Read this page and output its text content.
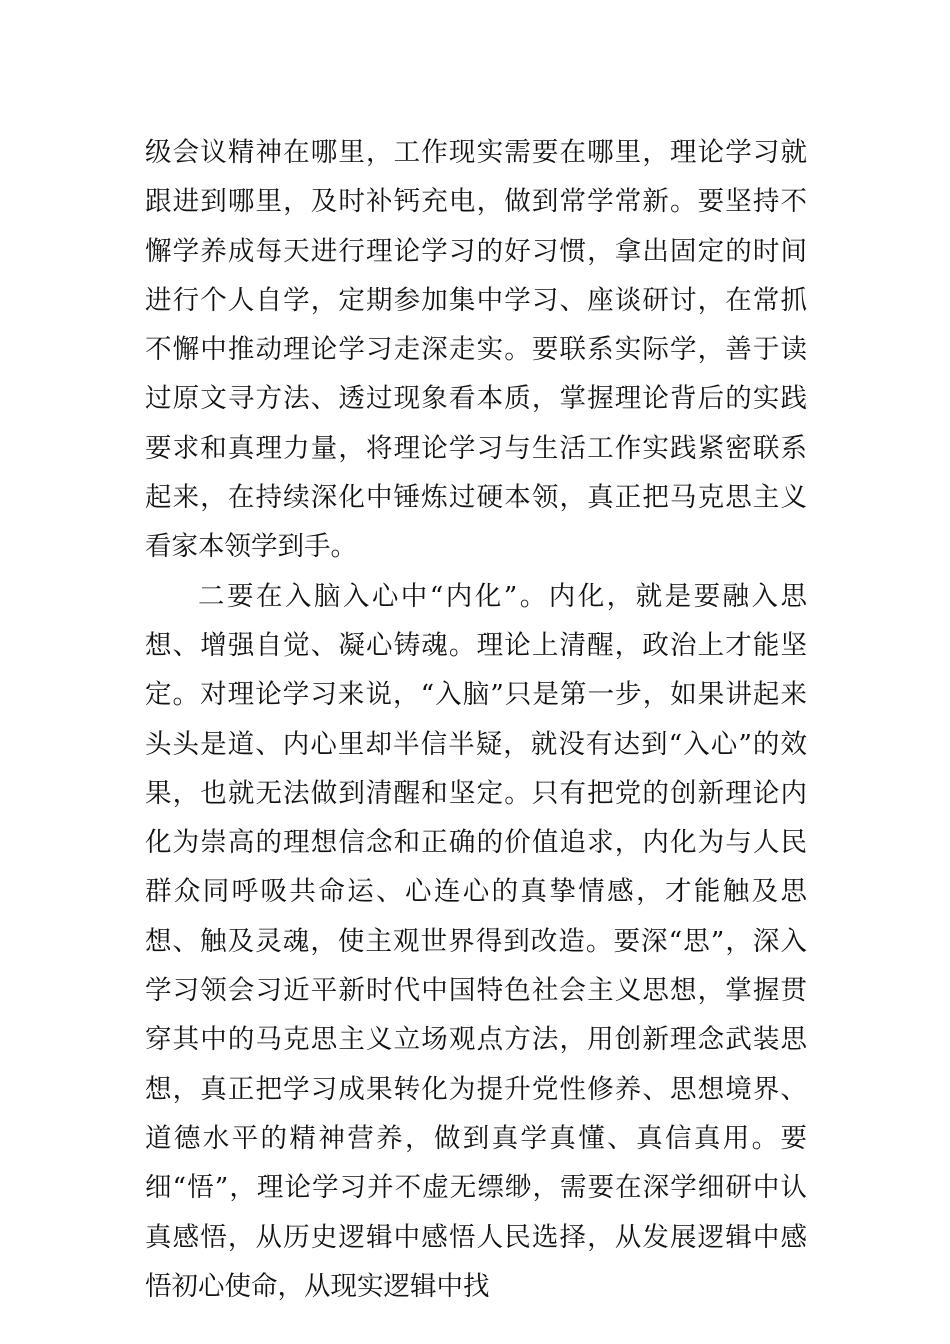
级会议精神在哪里，工作现实需要在哪里，理论学习就跟进到哪里，及时补钙充电，做到常学常新。要坚持不懈学养成每天进行理论学习的好习惯，拿出固定的时间进行个人自学，定期参加集中学习、座谈研讨，在常抓不懈中推动理论学习走深走实。要联系实际学，善于读过原文寻方法、透过现象看本质，掌握理论背后的实践要求和真理力量，将理论学习与生活工作实践紧密联系起来，在持续深化中锤炼过硬本领，真正把马克思主义看家本领学到手。

二要在入脑入心中“内化”。内化，就是要融入思想、增强自觉、凝心铸魂。理论上清醒，政治上才能坚定。对理论学习来说，“入脑”只是第一步，如果讲起来头头是道、内心里却半信半疑，就没有达到“入心”的效果，也就无法做到清醒和坚定。只有把党的创新理论内化为崇高的理想信念和正确的价值追求，内化为与人民群众同呼吸共命运、心连心的真挚情感，才能触及思想、触及灵魂，使主观世界得到改造。要深“思”，深入学习领会习近平新时代中国特色社会主义思想，掌握贯穿其中的马克思主义立场观点方法，用创新理念武装思想，真正把学习成果转化为提升党性修养、思想境界、道德水平的精神营养，做到真学真懂、真信真用。要细“悟”，理论学习并不虚无缥缈，需要在深学细研中认真感悟，从历史逻辑中感悟人民选择，从发展逻辑中感悟初心使命，从现实逻辑中找
